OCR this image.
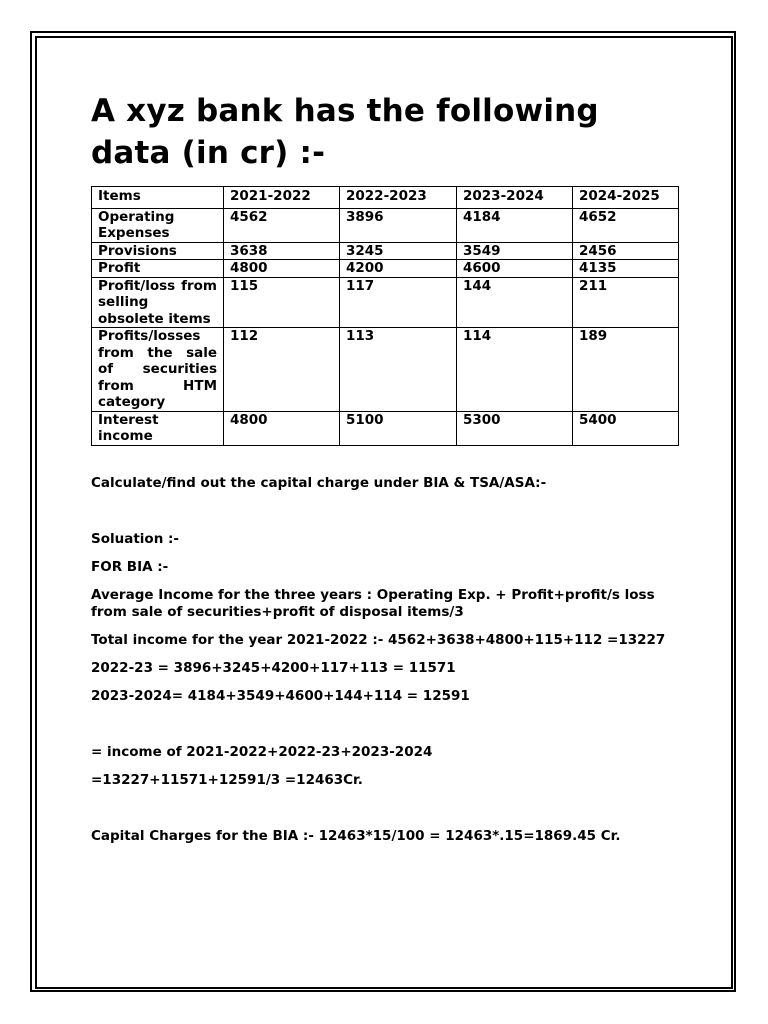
A xyz bank has the following data (in cr) :-
Items	2021-2022	2022-2023	2023-2024	2024-2025
Operating Expenses	4562	3896	4184	4652
Provisions	3638	3245	3549	2456
Profit	4800	4200	4600	4135
Profit/loss from selling obsolete items	115	117	144	211
Profits/losses from the sale of securities from HTM category	112	113	114	189
Interest income	4800	5100	5300	5400

Calculate/find out the capital charge under BIA & TSA/ASA:-

Soluation :-

FOR BIA :-

Average Income for the three years : Operating Exp. + Profit+profit/s loss from sale of securities+profit of disposal items/3

Total income for the year 2021-2022 :- 4562+3638+4800+115+112 =13227

2022-23 = 3896+3245+4200+117+113 = 11571

2023-2024= 4184+3549+4600+144+114 = 12591

= income of 2021-2022+2022-23+2023-2024

=13227+11571+12591/3 =12463Cr.

Capital Charges for the BIA :- 12463*15/100 = 12463*.15=1869.45 Cr.
